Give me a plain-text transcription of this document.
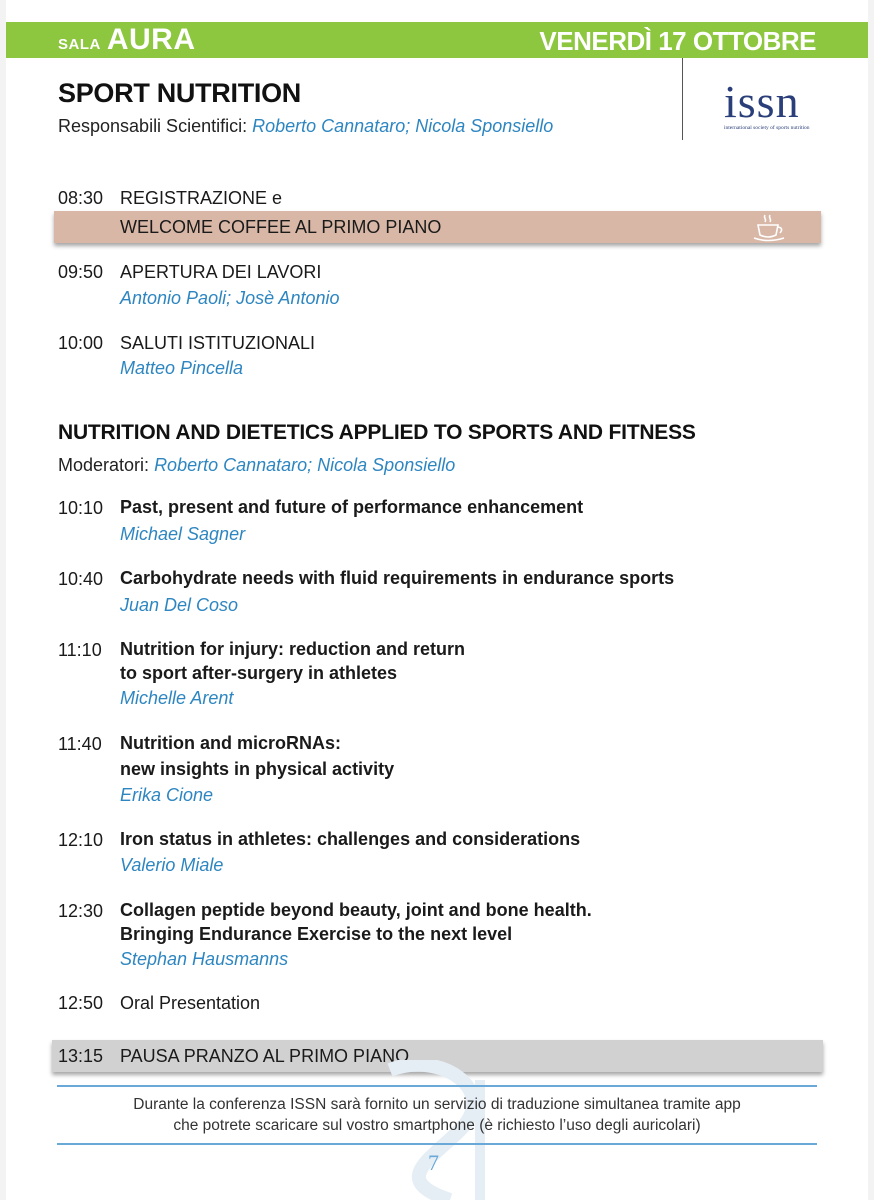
SALA AURA	VENERDÌ 17 OTTOBRE
SPORT NUTRITION
Responsabili Scientifici: Roberto Cannataro; Nicola Sponsiello	issn
international society of sports nutrition
08:30 REGISTRAZIONE e
WELCOME COFFEE AL PRIMO PIANO
09:50 APERTURA DEI LAVORI
Antonio Paoli; Josè Antonio
10:00 SALUTI ISTITUZIONALI
Matteo Pincella
NUTRITION AND DIETETICS APPLIED TO SPORTS AND FITNESS
Moderatori: Roberto Cannataro; Nicola Sponsiello
10:10 Past, present and future of performance enhancement
Michael Sagner
10:40 Carbohydrate needs with fluid requirements in endurance sports
Juan Del Coso
11:10 Nutrition for injury: reduction and return
to sport after-surgery in athletes
Michelle Arent
11:40 Nutrition and microRNAs:
new insights in physical activity
Erika Cione
12:10 Iron status in athletes: challenges and considerations
Valerio Miale
12:30 Collagen peptide beyond beauty, joint and bone health.
Bringing Endurance Exercise to the next level
Stephan Hausmanns
12:50 Oral Presentation
13:15 PAUSA PRANZO AL PRIMO PIANO
Durante la conferenza ISSN sarà fornito un servizio di traduzione simultanea tramite app
che potrete scaricare sul vostro smartphone (è richiesto l’uso degli auricolari)
7
